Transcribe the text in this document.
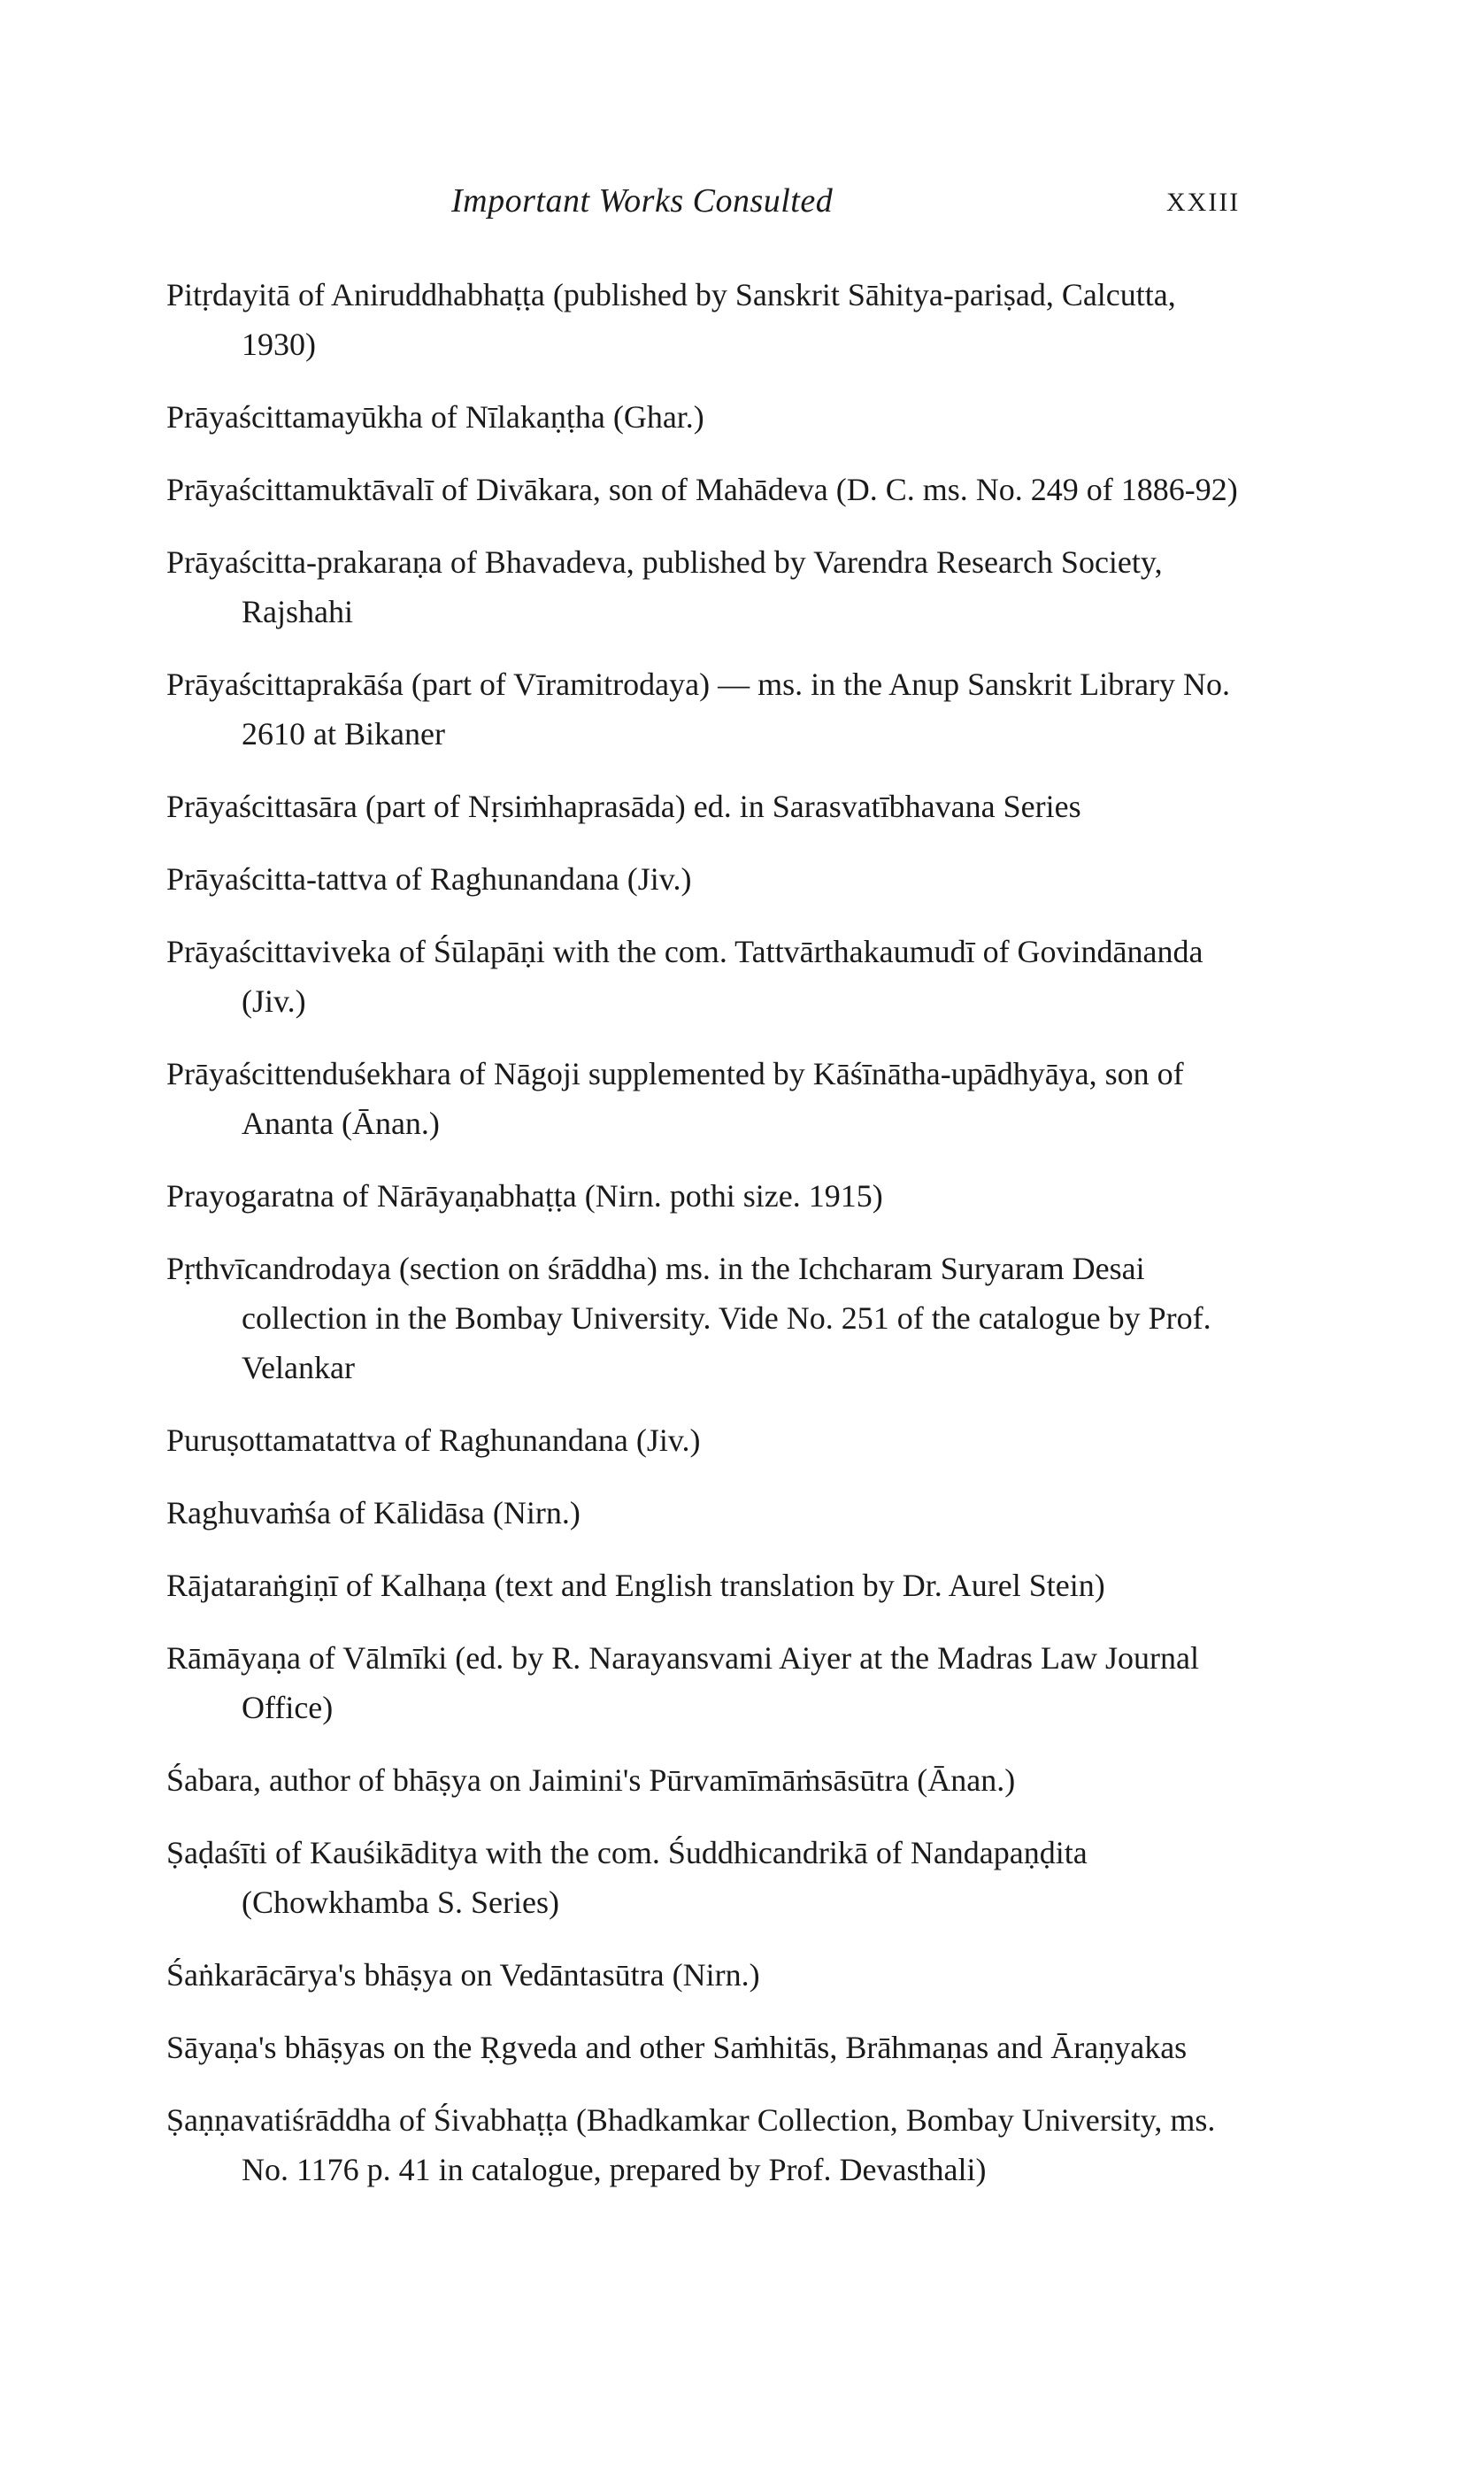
Important Works Consulted	XXIII
Pitṛdayitā of Aniruddhabhaṭṭa (published by Sanskrit Sāhitya-pariṣad, Calcutta, 1930)
Prāyaścittamayūkha of Nīlakaṇṭha (Ghar.)
Prāyaścittamuktāvalī of Divākara, son of Mahādeva (D. C. ms. No. 249 of 1886-92)
Prāyaścitta-prakaraṇa of Bhavadeva, published by Varendra Research Society, Rajshahi
Prāyaścittaprakāśa (part of Vīramitrodaya) — ms. in the Anup Sanskrit Library No. 2610 at Bikaner
Prāyaścittasāra (part of Nṛsiṁhaprasāda) ed. in Sarasvatībhavana Series
Prāyaścitta-tattva of Raghunandana (Jiv.)
Prāyaścittaviveka of Śūlapāṇi with the com. Tattvārthakaumudī of Govindānanda (Jiv.)
Prāyaścittenduśekhara of Nāgoji supplemented by Kāśīnātha-upādhyāya, son of Ananta (Ānan.)
Prayogaratna of Nārāyaṇabhaṭṭa (Nirn. pothi size. 1915)
Pṛthvīcandrodaya (section on śrāddha) ms. in the Ichcharam Suryaram Desai collection in the Bombay University. Vide No. 251 of the catalogue by Prof. Velankar
Puruṣottamatattva of Raghunandana (Jiv.)
Raghuvaṁśa of Kālidāsa (Nirn.)
Rājataraṅgiṇī of Kalhaṇa (text and English translation by Dr. Aurel Stein)
Rāmāyaṇa of Vālmīki (ed. by R. Narayansvami Aiyer at the Madras Law Journal Office)
Śabara, author of bhāṣya on Jaimini's Pūrvamīmāṁsāsūtra (Ānan.)
Ṣaḍaśīti of Kauśikāditya with the com. Śuddhicandrikā of Nandapaṇḍita (Chowkhamba S. Series)
Śaṅkarācārya's bhāṣya on Vedāntasūtra (Nirn.)
Sāyaṇa's bhāṣyas on the Ṛgveda and other Saṁhitās, Brāhmaṇas and Āraṇyakas
Ṣaṇṇavatiśrāddha of Śivabhaṭṭa (Bhadkamkar Collection, Bombay University, ms. No. 1176 p. 41 in catalogue, prepared by Prof. Devasthali)
